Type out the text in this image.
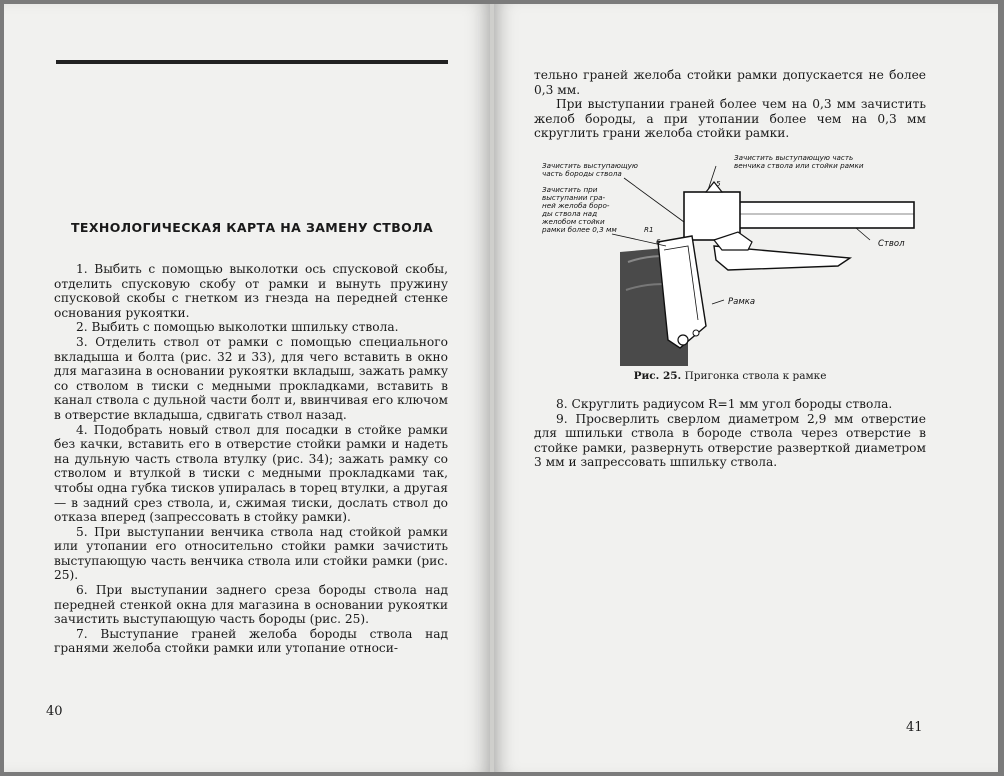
ТЕХНОЛОГИЧЕСКАЯ КАРТА НА ЗАМЕНУ СТВОЛА

1. Выбить с помощью выколотки ось спусковой скобы, отделить спусковую скобу от рамки и вынуть пружину спусковой скобы с гнетком из гнезда на передней стенке основания рукоятки.

2. Выбить с помощью выколотки шпильку ствола.

3. Отделить ствол от рамки с помощью специального вкладыша и болта (рис. 32 и 33), для чего вставить в окно для магазина в основании рукоятки вкладыш, зажать рамку со стволом в тиски с медными прокладками, вставить в канал ствола с дульной части болт и, ввинчивая его ключом в отверстие вкладыша, сдвигать ствол назад.

4. Подобрать новый ствол для посадки в стойке рамки без качки, вставить его в отверстие стойки рамки и надеть на дульную часть ствола втулку (рис. 34); зажать рамку со стволом и втулкой в тиски с медными прокладками так, чтобы одна губка тисков упиралась в торец втулки, а другая — в задний срез ствола, и, сжимая тиски, дослать ствол до отказа вперед (запрессовать в стойку рамки).

5. При выступании венчика ствола над стойкой рамки или утопании его относительно стойки рамки зачистить выступающую часть венчика ствола или стойки рамки (рис. 25).

6. При выступании заднего среза бороды ствола над передней стенкой окна для магазина в основании рукоятки зачистить выступающую часть бороды (рис. 25).

7. Выступание граней желоба бороды ствола над гранями желоба стойки рамки или утопание относи-

40

тельно граней желоба стойки рамки допускается не более 0,3 мм.

При выступании граней более чем на 0,3 мм зачистить желоб бороды, а при утопании более чем на 0,3 мм скруглить грани желоба стойки рамки.

Зачистить выступающую часть венчика ствола или стойки рамки
Зачистить выступающую часть бороды ствола
Зачистить при выступании гра- ней желоба боро- ды ствола над желобом стойки рамки более 0,3 мм
5
R1
6	Ствол
Рамка
Рис. 25. Пригонка ствола к рамке

8. Скруглить радиусом R=1 мм угол бороды ствола.

9. Просверлить сверлом диаметром 2,9 мм отверстие для шпильки ствола в бороде ствола через отверстие в стойке рамки, развернуть отверстие разверткой диаметром 3 мм и запрессовать шпильку ствола.

41
